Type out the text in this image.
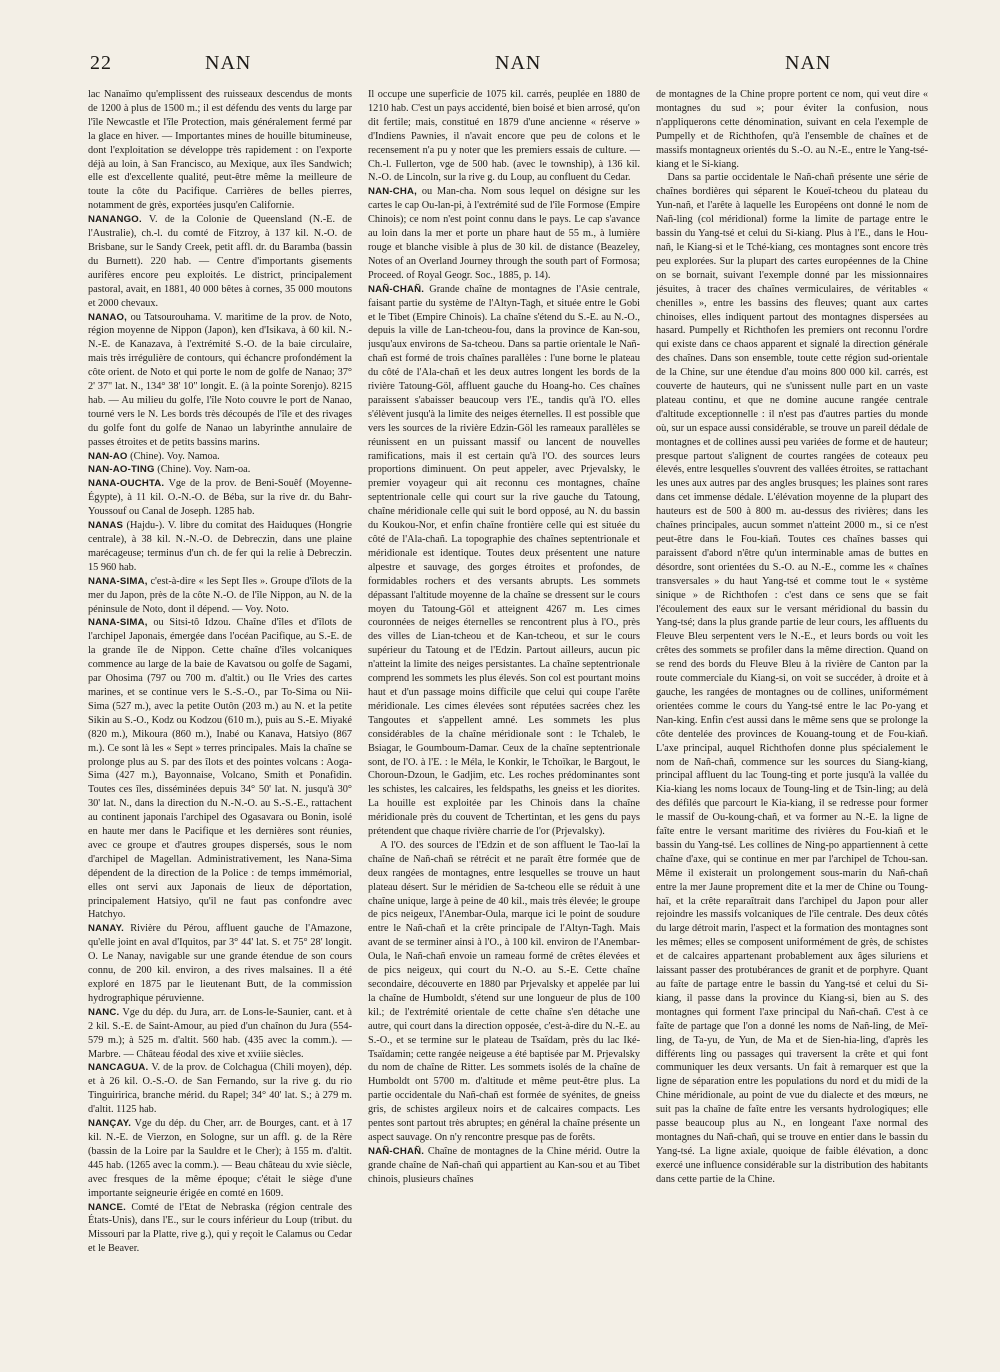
22	NAN	NAN	NAN

lac Nanaïmo qu'emplissent des ruisseaux descendus de monts de 1200 à plus de 1500 m.; il est défendu des vents du large par l'île Newcastle et l'île Protection, mais généralement fermé par la glace en hiver. — Importantes mines de houille bitumineuse, dont l'exploitation se développe très rapidement : on l'exporte déjà au loin, à San Francisco, au Mexique, aux îles Sandwich; elle est d'excellente qualité, peut-être même la meilleure de toute la côte du Pacifique. Carrières de belles pierres, notamment de grès, exportées jusqu'en Californie.

NANANGO. V. de la Colonie de Queensland (N.-E. de l'Australie), ch.-l. du comté de Fitzroy, à 137 kil. N.-O. de Brisbane, sur le Sandy Creek, petit affl. dr. du Baramba (bassin du Burnett). 220 hab. — Centre d'importants gisements aurifères encore peu exploités. Le district, principalement pastoral, avait, en 1881, 40 000 bêtes à cornes, 35 000 moutons et 2000 chevaux.

NANAO, ou Tatsourouhama. V. maritime de la prov. de Noto, région moyenne de Nippon (Japon), ken d'Isikava, à 60 kil. N.-N.-E. de Kanazava, à l'extrémité S.-O. de la baie circulaire, mais très irrégulière de contours, qui échancre profondément la côte orient. de Noto et qui porte le nom de golfe de Nanao; 37° 2' 37" lat. N., 134° 38' 10" longit. E. (à la pointe Sorenjo). 8215 hab. — Au milieu du golfe, l'île Noto couvre le port de Nanao, tourné vers le N. Les bords très découpés de l'île et des rivages du golfe font du golfe de Nanao un labyrinthe annulaire de passes étroites et de petits bassins marins.

NAN-AO (Chine). Voy. Namoa.

NAN-AO-TING (Chine). Voy. Nam-oa.

NANA-OUCHTA. Vge de la prov. de Beni-Souêf (Moyenne-Égypte), à 11 kil. O.-N.-O. de Béba, sur la rive dr. du Bahr-Youssouf ou Canal de Joseph. 1285 hab.

NANAS (Hajdu-). V. libre du comitat des Haiduques (Hongrie centrale), à 38 kil. N.-N.-O. de Debreczin, dans une plaine marécageuse; terminus d'un ch. de fer qui la relie à Debreczin. 15 960 hab.

NANA-SIMA, c'est-à-dire « les Sept Iles ». Groupe d'îlots de la mer du Japon, près de la côte N.-O. de l'île Nippon, au N. de la péninsule de Noto, dont il dépend. — Voy. Noto.

NANA-SIMA, ou Sitsi-tô Idzou. Chaîne d'îles et d'îlots de l'archipel Japonais, émergée dans l'océan Pacifique, au S.-E. de la grande île de Nippon. Cette chaîne d'îles volcaniques commence au large de la baie de Kavatsou ou golfe de Sagami, par Ohosima (797 ou 700 m. d'altit.) ou Ile Vries des cartes marines, et se continue vers le S.-S.-O., par To-Sima ou Nii-Sima (527 m.), avec la petite Outôn (203 m.) au N. et la petite Sikin au S.-O., Kodz ou Kodzou (610 m.), puis au S.-E. Miyaké (820 m.), Mikoura (860 m.), Inabé ou Kanava, Hatsiyo (867 m.). Ce sont là les « Sept » terres principales. Mais la chaîne se prolonge plus au S. par des îlots et des pointes volcans : Aoga-Sima (427 m.), Bayonnaise, Volcano, Smith et Ponafidin. Toutes ces îles, disséminées depuis 34° 50' lat. N. jusqu'à 30° 30' lat. N., dans la direction du N.-N.-O. au S.-S.-E., rattachent au continent japonais l'archipel des Ogasavara ou Bonin, isolé en haute mer dans le Pacifique et les dernières sont réunies, avec ce groupe et d'autres groupes dispersés, sous le nom d'archipel de Magellan. Administrativement, les Nana-Sima dépendent de la direction de la Police : de temps immémorial, elles ont servi aux Japonais de lieux de déportation, principalement Hatsiyo, qu'il ne faut pas confondre avec Hatchyo.

NANAY. Rivière du Pérou, affluent gauche de l'Amazone, qu'elle joint en aval d'Iquitos, par 3° 44' lat. S. et 75° 28' longit. O. Le Nanay, navigable sur une grande étendue de son cours connu, de 200 kil. environ, a des rives malsaines. Il a été exploré en 1875 par le lieutenant Butt, de la commission hydrographique péruvienne.

NANC. Vge du dép. du Jura, arr. de Lons-le-Saunier, cant. et à 2 kil. S.-E. de Saint-Amour, au pied d'un chaînon du Jura (554-579 m.); à 525 m. d'altit. 560 hab. (435 avec la comm.). — Marbre. — Château féodal des xive et xviiie siècles.

NANCAGUA. V. de la prov. de Colchagua (Chili moyen), dép. et à 26 kil. O.-S.-O. de San Fernando, sur la rive g. du rio Tinguiririca, branche mérid. du Rapel; 34° 40' lat. S.; à 279 m. d'altit. 1125 hab.

NANÇAY. Vge du dép. du Cher, arr. de Bourges, cant. et à 17 kil. N.-E. de Vierzon, en Sologne, sur un affl. g. de la Rère (bassin de la Loire par la Sauldre et le Cher); à 155 m. d'altit. 445 hab. (1265 avec la comm.). — Beau château du xvie siècle, avec fresques de la même époque; c'était le siège d'une importante seigneurie érigée en comté en 1609.

NANCE. Comté de l'Etat de Nebraska (région centrale des États-Unis), dans l'E., sur le cours inférieur du Loup (tribut. du Missouri par la Platte, rive g.), qui y reçoit le Calamus ou Cedar et le Beaver.

Il occupe une superficie de 1075 kil. carrés, peuplée en 1880 de 1210 hab. C'est un pays accidenté, bien boisé et bien arrosé, qu'on dit fertile; mais, constitué en 1879 d'une ancienne « réserve » d'Indiens Pawnies, il n'avait encore que peu de colons et le recensement n'a pu y noter que les premiers essais de culture. — Ch.-l. Fullerton, vge de 500 hab. (avec le township), à 136 kil. N.-O. de Lincoln, sur la rive g. du Loup, au confluent du Cedar.

NAN-CHA, ou Man-cha. Nom sous lequel on désigne sur les cartes le cap Ou-lan-pi, à l'extrémité sud de l'île Formose (Empire Chinois); ce nom n'est point connu dans le pays. Le cap s'avance au loin dans la mer et porte un phare haut de 55 m., à lumière rouge et blanche visible à plus de 30 kil. de distance (Beazeley, Notes of an Overland Journey through the south part of Formosa; Proceed. of Royal Geogr. Soc., 1885, p. 14).

NAÑ-CHAÑ. Grande chaîne de montagnes de l'Asie centrale, faisant partie du système de l'Altyn-Tagh, et située entre le Gobi et le Tibet (Empire Chinois). La chaîne s'étend du S.-E. au N.-O., depuis la ville de Lan-tcheou-fou, dans la province de Kan-sou, jusqu'aux environs de Sa-tcheou. Dans sa partie orientale le Nañ-chañ est formé de trois chaînes parallèles : l'une borne le plateau du côté de l'Ala-chañ et les deux autres longent les bords de la rivière Tatoung-Göl, affluent gauche du Hoang-ho. Ces chaînes paraissent s'abaisser beaucoup vers l'E., tandis qu'à l'O. elles s'élèvent jusqu'à la limite des neiges éternelles. Il est possible que vers les sources de la rivière Edzin-Göl les rameaux parallèles se réunissent en un puissant massif ou lancent de nouvelles ramifications, mais il est certain qu'à l'O. des sources leurs proportions diminuent. On peut appeler, avec Prjevalsky, le premier voyageur qui ait reconnu ces montagnes, chaîne septentrionale celle qui court sur la rive gauche du Tatoung, chaîne méridionale celle qui suit le bord opposé, au N. du bassin du Koukou-Nor, et enfin chaîne frontière celle qui est située du côté de l'Ala-chañ. La topographie des chaînes septentrionale et méridionale est identique. Toutes deux présentent une nature alpestre et sauvage, des gorges étroites et profondes, de formidables rochers et des versants abrupts. Les sommets dépassant l'altitude moyenne de la chaîne se dressent sur le cours moyen du Tatoung-Göl et atteignent 4267 m. Les cimes couronnées de neiges éternelles se rencontrent plus à l'O., près des villes de Lian-tcheou et de Kan-tcheou, et sur le cours supérieur du Tatoung et de l'Edzin. Partout ailleurs, aucun pic n'atteint la limite des neiges persistantes. La chaîne septentrionale comprend les sommets les plus élevés. Son col est pourtant moins haut et d'un passage moins difficile que celui qui coupe l'arête méridionale. Les cimes élevées sont réputées sacrées chez les Tangoutes et s'appellent amné. Les sommets les plus considérables de la chaîne méridionale sont : le Tchaleb, le Bsiagar, le Goumboum-Damar. Ceux de la chaîne septentrionale sont, de l'O. à l'E. : le Méla, le Konkir, le Tchoïkar, le Bargout, le Choroun-Dzoun, le Gadjim, etc. Les roches prédominantes sont les schistes, les calcaires, les feldspaths, les gneiss et les diorites. La houille est exploitée par les Chinois dans la chaîne méridionale près du couvent de Tchertintan, et les gens du pays prétendent que chaque rivière charrie de l'or (Prjevalsky).

A l'O. des sources de l'Edzin et de son affluent le Tao-laï la chaîne de Nañ-chañ se rétrécit et ne paraît être formée que de deux rangées de montagnes, entre lesquelles se trouve un haut plateau désert. Sur le méridien de Sa-tcheou elle se réduit à une chaîne unique, large à peine de 40 kil., mais très élevée; le groupe de pics neigeux, l'Anembar-Oula, marque ici le point de soudure entre le Nañ-chañ et la crête principale de l'Altyn-Tagh. Mais avant de se terminer ainsi à l'O., à 100 kil. environ de l'Anembar-Oula, le Nañ-chañ envoie un rameau formé de crêtes élevées et de pics neigeux, qui court du N.-O. au S.-E. Cette chaîne secondaire, découverte en 1880 par Prjevalsky et appelée par lui la chaîne de Humboldt, s'étend sur une longueur de plus de 100 kil.; de l'extrémité orientale de cette chaîne s'en détache une autre, qui court dans la direction opposée, c'est-à-dire du N.-E. au S.-O., et se termine sur le plateau de Tsaïdam, près du lac Iké-Tsaïdamin; cette rangée neigeuse a été baptisée par M. Prjevalsky du nom de chaîne de Ritter. Les sommets isolés de la chaîne de Humboldt ont 5700 m. d'altitude et même peut-être plus. La partie occidentale du Nañ-chañ est formée de syénites, de gneiss gris, de schistes argileux noirs et de calcaires compacts. Les pentes sont partout très abruptes; en général la chaîne présente un aspect sauvage. On n'y rencontre presque pas de forêts.

NAÑ-CHAÑ. Chaîne de montagnes de la Chine mérid. Outre la grande chaîne de Nañ-chañ qui appartient au Kan-sou et au Tibet chinois, plusieurs chaînes

de montagnes de la Chine propre portent ce nom, qui veut dire « montagnes du sud »; pour éviter la confusion, nous n'appliquerons cette dénomination, suivant en cela l'exemple de Pumpelly et de Richthofen, qu'à l'ensemble de chaînes et de massifs montagneux orientés du S.-O. au N.-E., entre le Yang-tsé-kiang et le Si-kiang.

Dans sa partie occidentale le Nañ-chañ présente une série de chaînes bordières qui séparent le Koueï-tcheou du plateau du Yun-nañ, et l'arête à laquelle les Européens ont donné le nom de Nañ-ling (col méridional) forme la limite de partage entre le bassin du Yang-tsé et celui du Si-kiang. Plus à l'E., dans le Hou-nañ, le Kiang-si et le Tché-kiang, ces montagnes sont encore très peu explorées. Sur la plupart des cartes européennes de la Chine on se bornait, suivant l'exemple donné par les missionnaires jésuites, à tracer des chaînes vermiculaires, de véritables « chenilles », entre les bassins des fleuves; quant aux cartes chinoises, elles indiquent partout des montagnes dispersées au hasard. Pumpelly et Richthofen les premiers ont reconnu l'ordre qui existe dans ce chaos apparent et signalé la direction générale des chaînes. Dans son ensemble, toute cette région sud-orientale de la Chine, sur une étendue d'au moins 800 000 kil. carrés, est couverte de hauteurs, qui ne s'unissent nulle part en un vaste plateau continu, et que ne domine aucune rangée centrale d'altitude exceptionnelle : il n'est pas d'autres parties du monde où, sur un espace aussi considérable, se trouve un pareil dédale de montagnes et de collines aussi peu variées de forme et de hauteur; presque partout s'alignent de courtes rangées de coteaux peu élevés, entre lesquelles s'ouvrent des vallées étroites, se rattachant les unes aux autres par des angles brusques; les plaines sont rares dans cet immense dédale. L'élévation moyenne de la plupart des hauteurs est de 500 à 800 m. au-dessus des rivières; dans les chaînes principales, aucun sommet n'atteint 2000 m., si ce n'est peut-être dans le Fou-kiañ. Toutes ces chaînes basses qui paraissent d'abord n'être qu'un interminable amas de buttes en désordre, sont orientées du S.-O. au N.-E., comme les « chaînes transversales » du haut Yang-tsé et comme tout le « système sinique » de Richthofen : c'est dans ce sens que se fait l'écoulement des eaux sur le versant méridional du bassin du Yang-tsé; dans la plus grande partie de leur cours, les affluents du Fleuve Bleu serpentent vers le N.-E., et leurs bords ou voit les crêtes des sommets se profiler dans la même direction. Quand on se rend des bords du Fleuve Bleu à la rivière de Canton par la route commerciale du Kiang-si, on voit se succéder, à droite et à gauche, les rangées de montagnes ou de collines, uniformément orientées comme le cours du Yang-tsé entre le lac Po-yang et Nan-king. Enfin c'est aussi dans le même sens que se prolonge la côte dentelée des provinces de Kouang-toung et de Fou-kiañ. L'axe principal, auquel Richthofen donne plus spécialement le nom de Nañ-chañ, commence sur les sources du Siang-kiang, principal affluent du lac Toung-ting et porte jusqu'à la vallée du Kia-kiang les noms locaux de Toung-ling et de Tsin-ling; au delà des défilés que parcourt le Kia-kiang, il se redresse pour former le massif de Ou-koung-chañ, et va former au N.-E. la ligne de faîte entre le versant maritime des rivières du Fou-kiañ et le bassin du Yang-tsé. Les collines de Ning-po appartiennent à cette chaîne d'axe, qui se continue en mer par l'archipel de Tchou-san. Même il existerait un prolongement sous-marin du Nañ-chañ entre la mer Jaune proprement dite et la mer de Chine ou Toung-haï, et la crête reparaîtrait dans l'archipel du Japon pour aller rejoindre les massifs volcaniques de l'île centrale. Des deux côtés du large détroit marin, l'aspect et la formation des montagnes sont les mêmes; elles se composent uniformément de grès, de schistes et de calcaires appartenant probablement aux âges siluriens et laissant passer des protubérances de granit et de porphyre. Quant au faîte de partage entre le bassin du Yang-tsé et celui du Si-kiang, il passe dans la province du Kiang-si, bien au S. des montagnes qui forment l'axe principal du Nañ-chañ. C'est à ce faîte de partage que l'on a donné les noms de Nañ-ling, de Meï-ling, de Ta-yu, de Yun, de Ma et de Sien-hia-ling, d'après les différents ling ou passages qui traversent la crête et qui font communiquer les deux versants. Un fait à remarquer est que la ligne de séparation entre les populations du nord et du midi de la Chine méridionale, au point de vue du dialecte et des mœurs, ne suit pas la chaîne de faîte entre les versants hydrologiques; elle passe beaucoup plus au N., en longeant l'axe normal des montagnes du Nañ-chañ, qui se trouve en entier dans le bassin du Yang-tsé. La ligne axiale, quoique de faible élévation, a donc exercé une influence considérable sur la distribution des habitants dans cette partie de la Chine.
